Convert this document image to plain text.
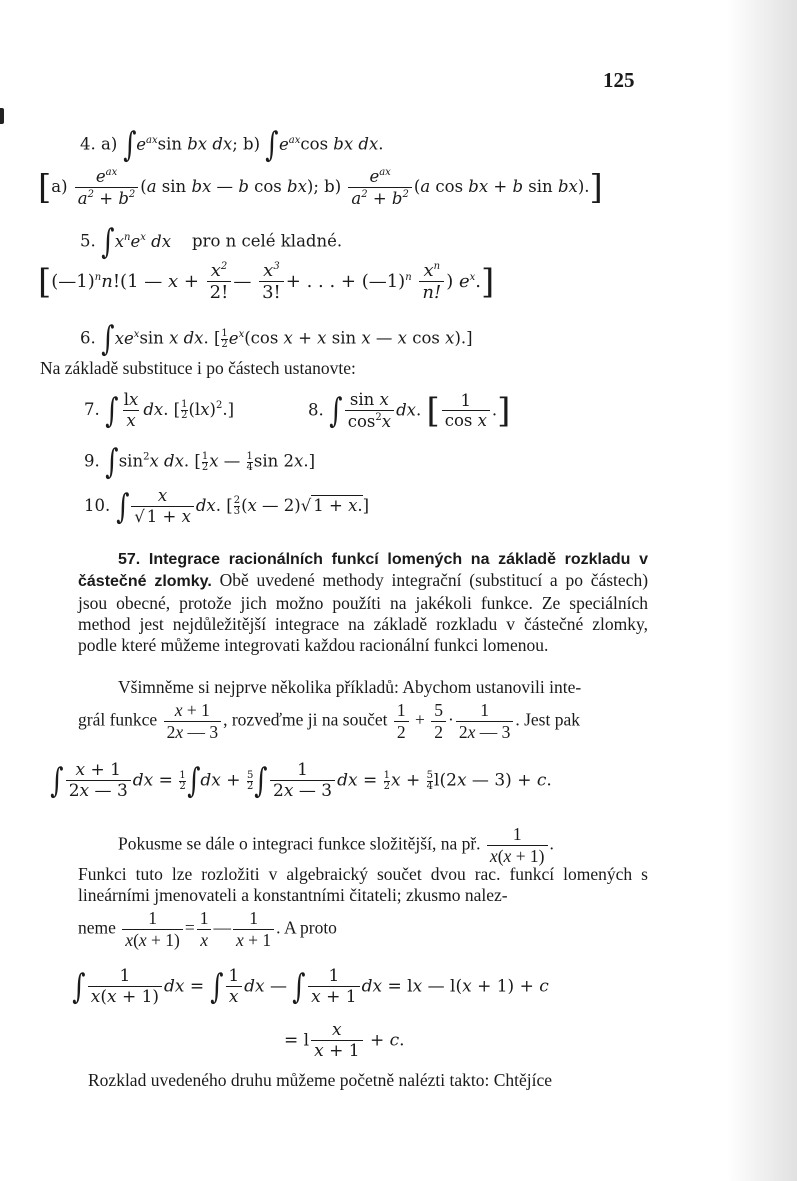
125
4. a) $\int e^{ax}\sin$ bx dx; b) $\int e^{ax}\cos$ bx dx.
$[a) \frac{e^{ax}}{a^2 + b^2} (a$ sin bx — b cos bx); $b) \frac{e^{ax}}{a^2 + b^2} (a$ cos bx + b sin bx).]
5. $\int x^ne^x$ dx pro n celé kladné.
[(—1)$^n$n!(1 — $x + \frac{x^2}{2!}$ — $\frac{x^3}{3!}$ + . . . + (—1)$^n$ $\frac{x^n}{n!}$ ) $e^x$.]
6. $\int xe^x\sin$ x dx. [ $\frac{1}{2} e^x(\cos$ x + x sin x — x cos x).]
Na základě substituce i po částech ustanovte:
7. ∫ $\frac{lx}{x}$ dx. [ $\frac{1}{2} (lx)^2$.]	8. ∫ $\frac{\text{sin x}}{\cos^2x}$ dx. [ $\frac{1}{\text{cos x}}$ .]
9. $\int\sin^2x$ dx. [ $\frac{1}{2}$ x — $\frac{1}{4}$ sin 2x.]
10. ∫ $\frac{x}{√ 1 + x}$ dx. [ $\frac{2}{3} (x$ — 2)√ 1 + x.]
57. Integrace racionálních funkcí lomených na základě rozkladu v částečné zlomky. Obě uvedené methody integrační (substitucí a po částech) jsou obecné, protože jich možno použíti na jakékoli funkce. Ze speciálních method jest nejdůležitější integrace na základě rozkladu v částečné zlomky, podle které můžeme integrovati každou racionální funkci lomenou.
Všimněme si nejprve několika příkladů: Abychom ustanovili inte-
grál funkce $\frac{x + 1}{2x — 3}$ , rozveďme ji na součet $\frac{1}{2} + \frac{5}{2} \cdot \frac{1}{2x — 3}$ . Jest pak
∫ $\frac{x + 1}{2x — 3}$ dx = $\frac{1}{2} \int dx + \frac{5}{2}$ ∫ $\frac{1}{2x — 3}$ dx = $\frac{1}{2}$ $x + \frac{5}{4} l(2x$ — 3) + c.
Pokusme se dále o integraci funkce složitější, na př. $\frac{1}{x(x + 1)}$ .
Funkci tuto lze rozložiti v algebraický součet dvou rac. funkcí lomených s lineárními jmenovateli a konstantními čitateli; zkusmo nalez-
neme $\frac{1}{x(x + 1)} = \frac{1}{x}$ — $\frac{1}{x + 1}$ . A proto
∫ $\frac{1}{x(x + 1)}$ dx = ∫ $\frac{1}{x}$ dx — ∫ $\frac{1}{x + 1}$ dx = lx — l(x + 1) + c
= l $\frac{x}{x + 1} + c$.
Rozklad uvedeného druhu můžeme početně nalézti takto: Chtějíce
